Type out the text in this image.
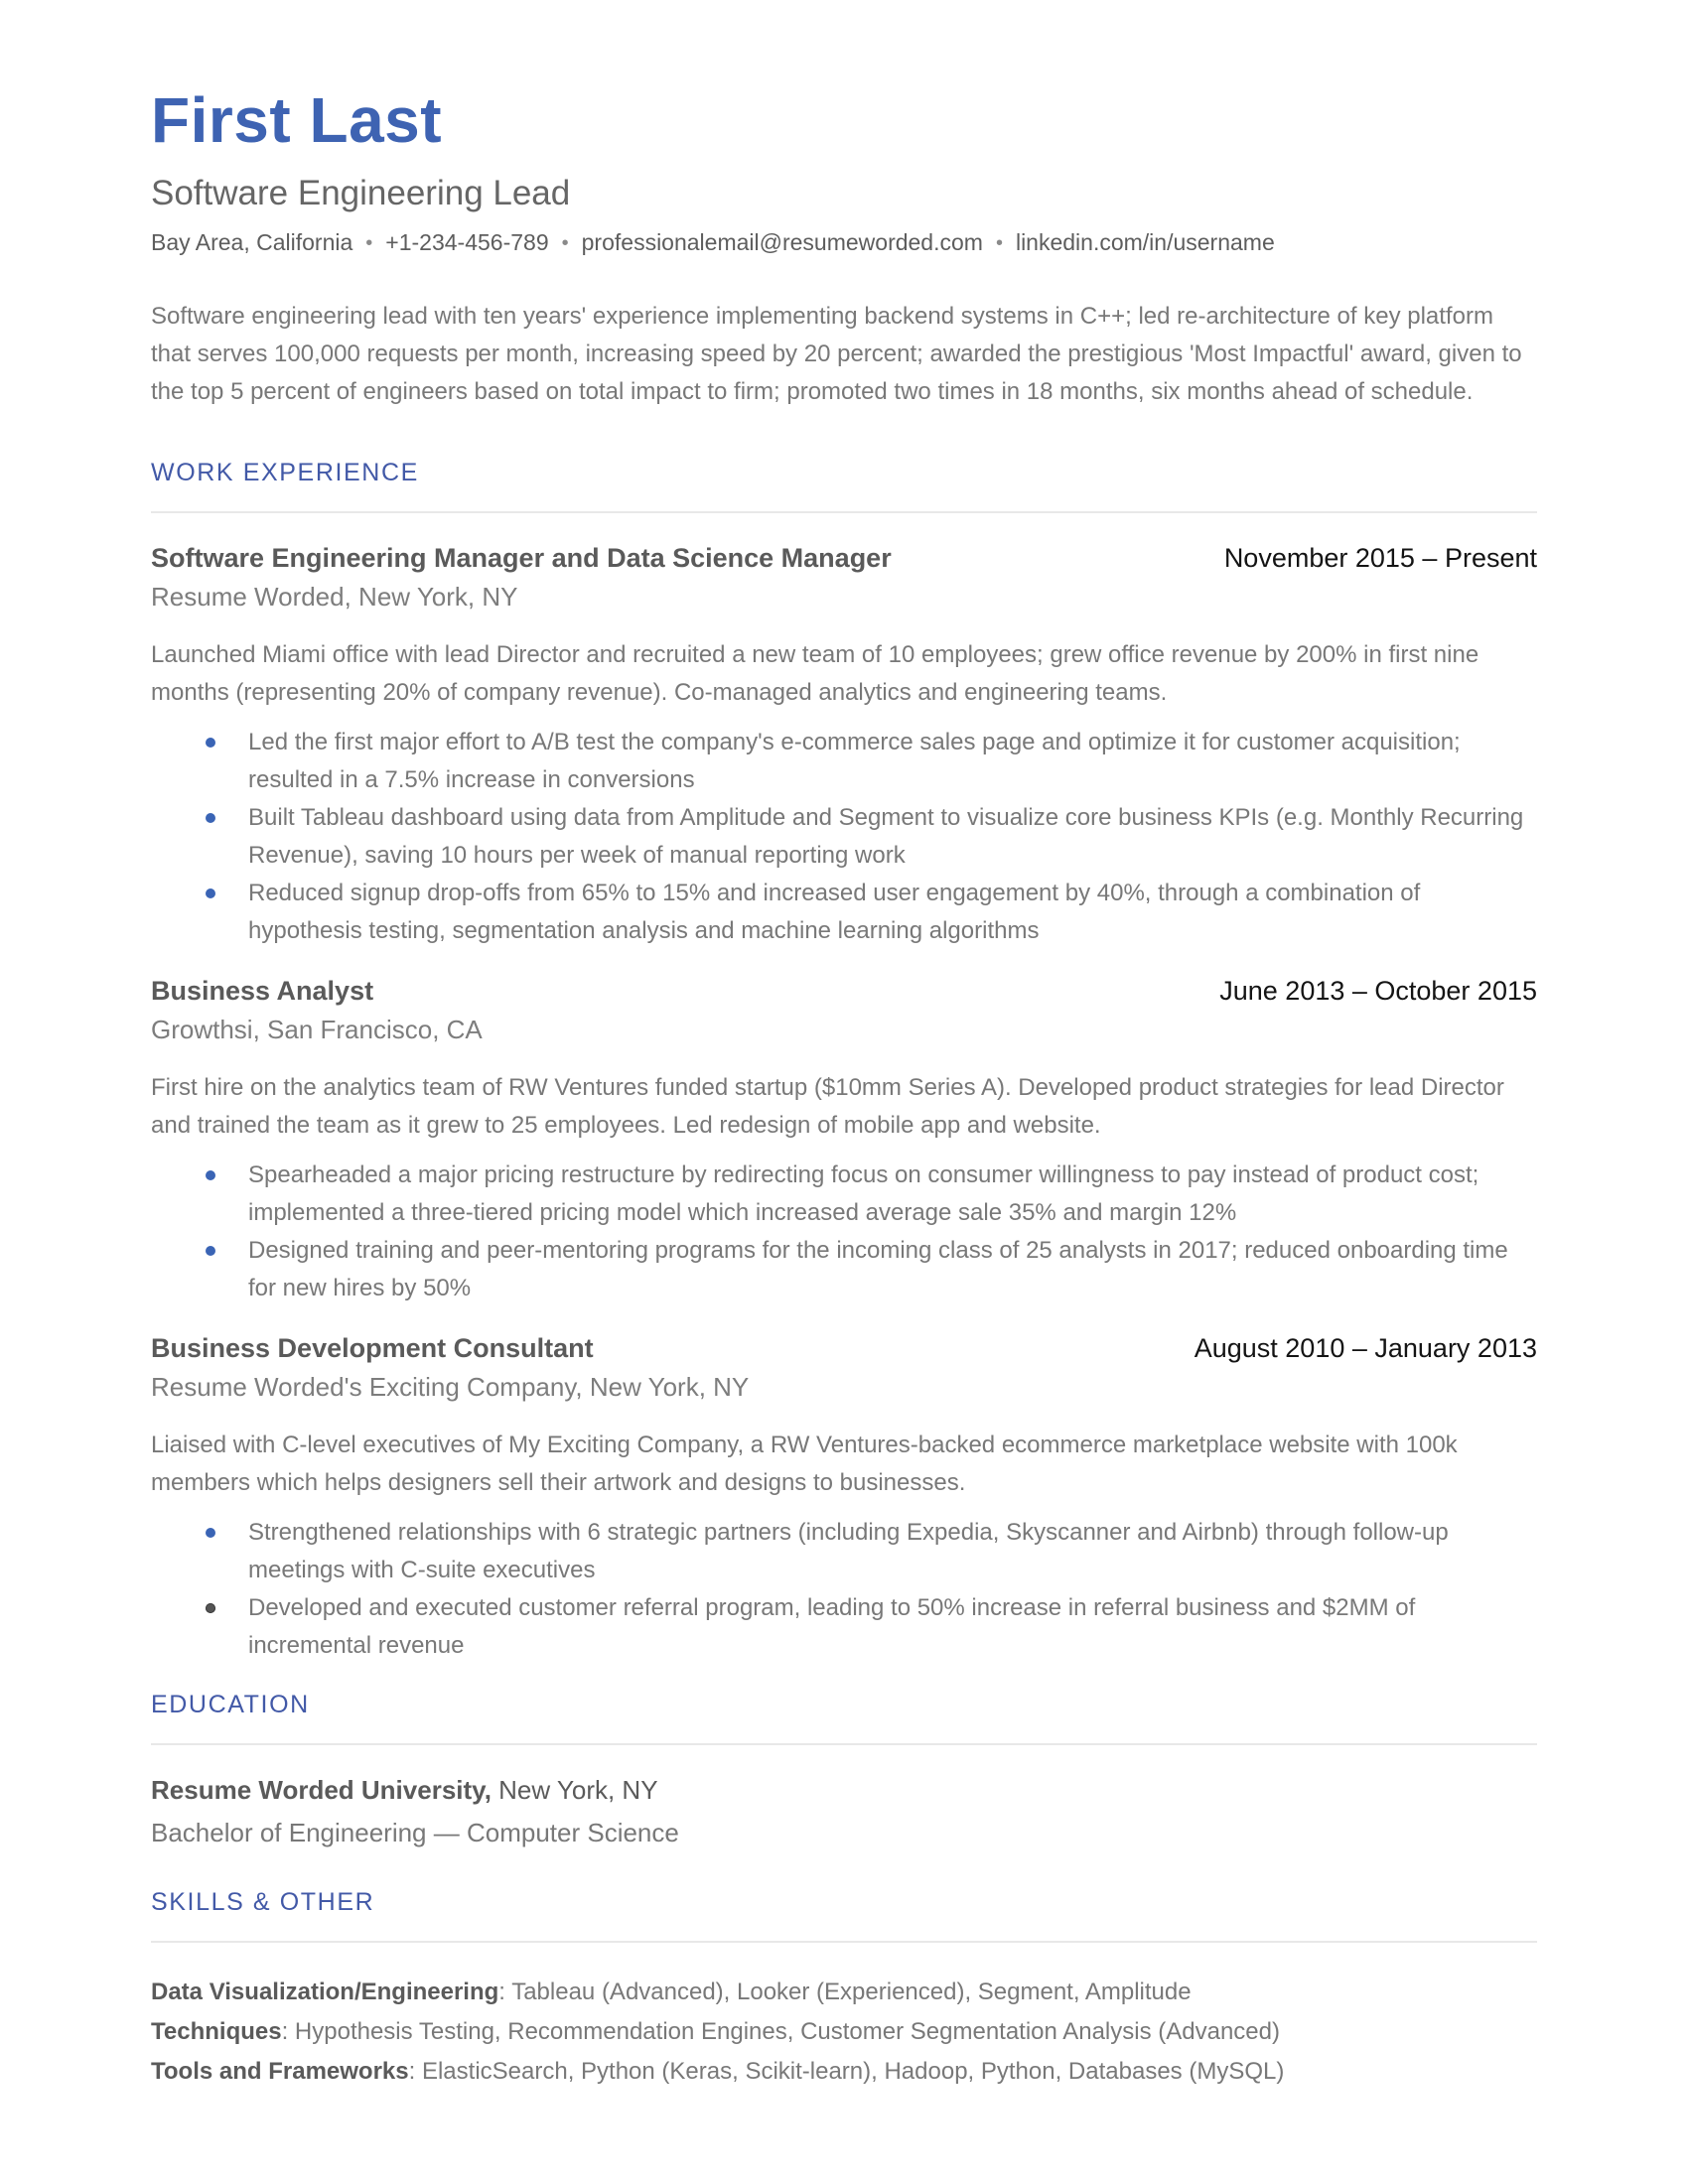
First Last
Software Engineering Lead
Bay Area, California • +1-234-456-789 • professionalemail@resumeworded.com • linkedin.com/in/username
Software engineering lead with ten years' experience implementing backend systems in C++; led re-architecture of key platform that serves 100,000 requests per month, increasing speed by 20 percent; awarded the prestigious 'Most Impactful' award, given to the top 5 percent of engineers based on total impact to firm; promoted two times in 18 months, six months ahead of schedule.
WORK EXPERIENCE
Software Engineering Manager and Data Science Manager	November 2015 – Present
Resume Worded, New York, NY
Launched Miami office with lead Director and recruited a new team of 10 employees; grew office revenue by 200% in first nine months (representing 20% of company revenue). Co-managed analytics and engineering teams.
Led the first major effort to A/B test the company's e-commerce sales page and optimize it for customer acquisition; resulted in a 7.5% increase in conversions
Built Tableau dashboard using data from Amplitude and Segment to visualize core business KPIs (e.g. Monthly Recurring Revenue), saving 10 hours per week of manual reporting work
Reduced signup drop-offs from 65% to 15% and increased user engagement by 40%, through a combination of hypothesis testing, segmentation analysis and machine learning algorithms
Business Analyst	June 2013 – October 2015
Growthsi, San Francisco, CA
First hire on the analytics team of RW Ventures funded startup ($10mm Series A). Developed product strategies for lead Director and trained the team as it grew to 25 employees. Led redesign of mobile app and website.
Spearheaded a major pricing restructure by redirecting focus on consumer willingness to pay instead of product cost; implemented a three-tiered pricing model which increased average sale 35% and margin 12%
Designed training and peer-mentoring programs for the incoming class of 25 analysts in 2017; reduced onboarding time for new hires by 50%
Business Development Consultant	August 2010 – January 2013
Resume Worded's Exciting Company, New York, NY
Liaised with C-level executives of My Exciting Company, a RW Ventures-backed ecommerce marketplace website with 100k members which helps designers sell their artwork and designs to businesses.
Strengthened relationships with 6 strategic partners (including Expedia, Skyscanner and Airbnb) through follow-up meetings with C-suite executives
Developed and executed customer referral program, leading to 50% increase in referral business and $2MM of incremental revenue
EDUCATION
Resume Worded University, New York, NY
Bachelor of Engineering — Computer Science
SKILLS & OTHER
Data Visualization/Engineering: Tableau (Advanced), Looker (Experienced), Segment, Amplitude
Techniques: Hypothesis Testing, Recommendation Engines, Customer Segmentation Analysis (Advanced)
Tools and Frameworks: ElasticSearch, Python (Keras, Scikit-learn), Hadoop, Python, Databases (MySQL)
